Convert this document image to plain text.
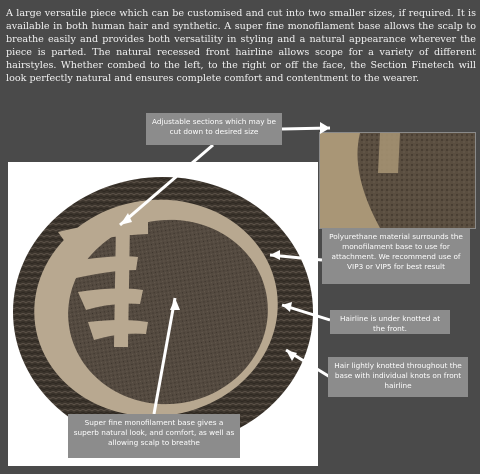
A large versatile piece which can be customised and cut into two smaller sizes, if required. It is available in both human hair and synthetic. A super fine monofilament base allows the scalp to breathe easily and provides both versatility in styling and a natural appearance wherever the piece is parted. The natural recessed front hairline allows scope for a variety of different hairstyles. Whether combed to the left, to the right or off the face, the Section Finetech will look perfectly natural and ensures complete comfort and contentment to the wearer.
Adjustable sections which may be cut down to desired size
Polyurethane material surrounds the monofilament base to use for attachment. We recommend use of VIP3 or VIP5 for best result
Hairline is under knotted at the front.
Hair lightly knotted throughout the base with individual knots on front hairline
Super fine monofilament base gives a superb natural look, and comfort, as well as allowing scalp to breathe
